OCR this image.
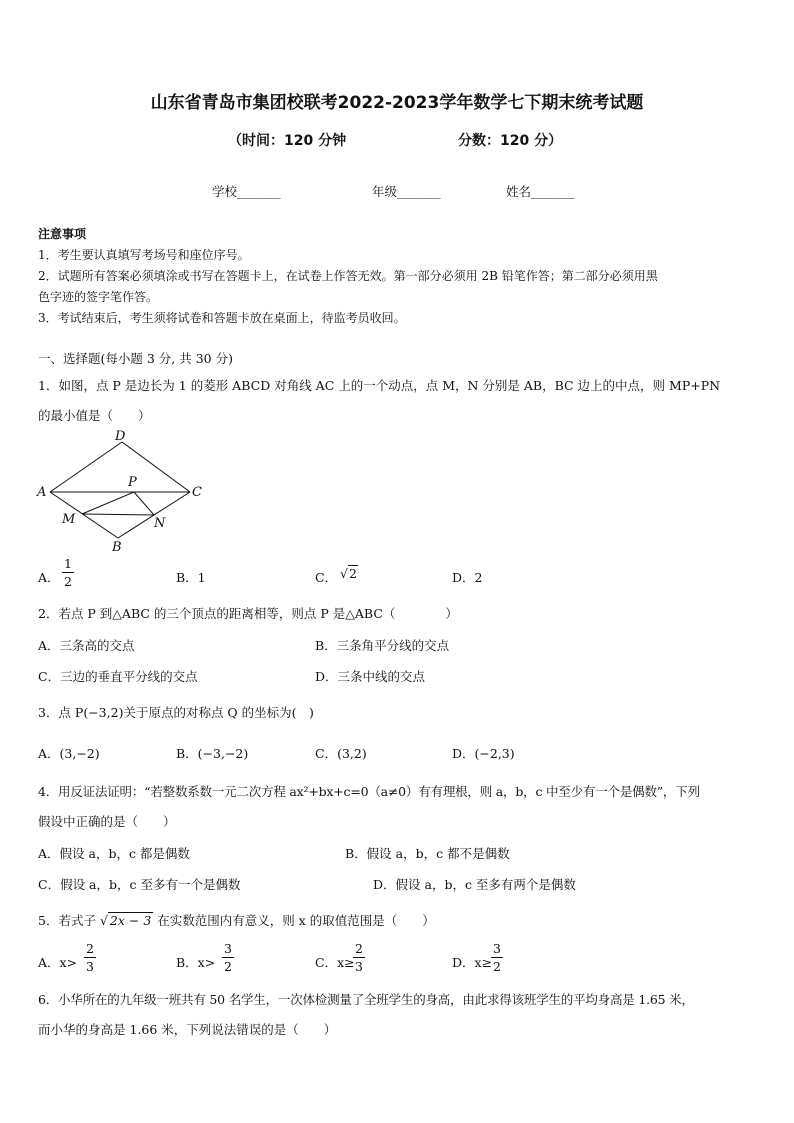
山东省青岛市集团校联考2022-2023学年数学七下期末统考试题
（时间：120 分钟	分数：120 分）
学校_______	年级_______	姓名_______
注意事项
1．考生要认真填写考场号和座位序号。
2．试题所有答案必须填涂或书写在答题卡上，在试卷上作答无效。第一部分必须用 2B 铅笔作答；第二部分必须用黑
色字迹的签字笔作答。
3．考试结束后，考生须将试卷和答题卡放在桌面上，待监考员收回。
一、选择题(每小题 3 分, 共 30 分)
1．如图，点 P 是边长为 1 的菱形 ABCD 对角线 AC 上的一个动点，点 M，N 分别是 AB，BC 边上的中点，则 MP+PN
的最小值是（　　）
D
A
P
C
M	N
B
A．
1
2	B．1	C． √2	D．2
2．若点 P 到△ABC 的三个顶点的距离相等，则点 P 是△ABC（　　　　）
A．三条高的交点	B．三条角平分线的交点
C．三边的垂直平分线的交点	D．三条中线的交点
3．点 P(−3,2)关于原点的对称点 Q 的坐标为(　)
A．(3,−2)	B．(−3,−2)	C．(3,2)	D．(−2,3)
4．用反证法证明：“若整数系数一元二次方程 ax²+bx+c=0（a≠0）有有理根，则 a，b，c 中至少有一个是偶数”，下列
假设中正确的是（　　）
A．假设 a，b，c 都是偶数	B．假设 a，b，c 都不是偶数
C．假设 a，b，c 至多有一个是偶数	D．假设 a，b，c 至多有两个是偶数
5．若式子 √ 2x − 3 在实数范围内有意义，则 x 的取值范围是（　　）
A．x>
2
3	B．x>
3
2	C．x≥
2
3	D．x≥
3
2
6．小华所在的九年级一班共有 50 名学生，一次体检测量了全班学生的身高，由此求得该班学生的平均身高是 1.65 米，
而小华的身高是 1.66 米，下列说法错误的是（　　）
